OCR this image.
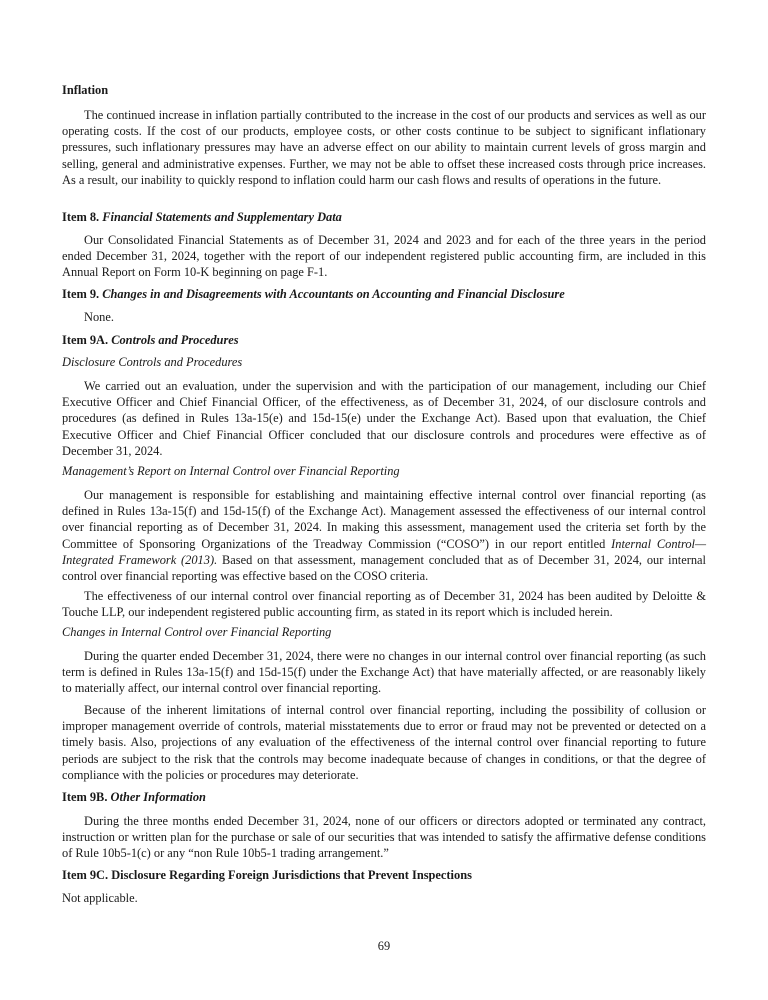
Inflation
The continued increase in inflation partially contributed to the increase in the cost of our products and services as well as our operating costs. If the cost of our products, employee costs, or other costs continue to be subject to significant inflationary pressures, such inflationary pressures may have an adverse effect on our ability to maintain current levels of gross margin and selling, general and administrative expenses. Further, we may not be able to offset these increased costs through price increases. As a result, our inability to quickly respond to inflation could harm our cash flows and results of operations in the future.
Item 8. Financial Statements and Supplementary Data
Our Consolidated Financial Statements as of December 31, 2024 and 2023 and for each of the three years in the period ended December 31, 2024, together with the report of our independent registered public accounting firm, are included in this Annual Report on Form 10-K beginning on page F-1.
Item 9. Changes in and Disagreements with Accountants on Accounting and Financial Disclosure
None.
Item 9A. Controls and Procedures
Disclosure Controls and Procedures
We carried out an evaluation, under the supervision and with the participation of our management, including our Chief Executive Officer and Chief Financial Officer, of the effectiveness, as of December 31, 2024, of our disclosure controls and procedures (as defined in Rules 13a-15(e) and 15d-15(e) under the Exchange Act). Based upon that evaluation, the Chief Executive Officer and Chief Financial Officer concluded that our disclosure controls and procedures were effective as of December 31, 2024.
Management’s Report on Internal Control over Financial Reporting
Our management is responsible for establishing and maintaining effective internal control over financial reporting (as defined in Rules 13a-15(f) and 15d-15(f) of the Exchange Act). Management assessed the effectiveness of our internal control over financial reporting as of December 31, 2024. In making this assessment, management used the criteria set forth by the Committee of Sponsoring Organizations of the Treadway Commission (“COSO”) in our report entitled Internal Control—Integrated Framework (2013). Based on that assessment, management concluded that as of December 31, 2024, our internal control over financial reporting was effective based on the COSO criteria.
The effectiveness of our internal control over financial reporting as of December 31, 2024 has been audited by Deloitte & Touche LLP, our independent registered public accounting firm, as stated in its report which is included herein.
Changes in Internal Control over Financial Reporting
During the quarter ended December 31, 2024, there were no changes in our internal control over financial reporting (as such term is defined in Rules 13a-15(f) and 15d-15(f) under the Exchange Act) that have materially affected, or are reasonably likely to materially affect, our internal control over financial reporting.
Because of the inherent limitations of internal control over financial reporting, including the possibility of collusion or improper management override of controls, material misstatements due to error or fraud may not be prevented or detected on a timely basis. Also, projections of any evaluation of the effectiveness of the internal control over financial reporting to future periods are subject to the risk that the controls may become inadequate because of changes in conditions, or that the degree of compliance with the policies or procedures may deteriorate.
Item 9B. Other Information
During the three months ended December 31, 2024, none of our officers or directors adopted or terminated any contract, instruction or written plan for the purchase or sale of our securities that was intended to satisfy the affirmative defense conditions of Rule 10b5-1(c) or any “non Rule 10b5-1 trading arrangement.”
Item 9C. Disclosure Regarding Foreign Jurisdictions that Prevent Inspections
Not applicable.
69
